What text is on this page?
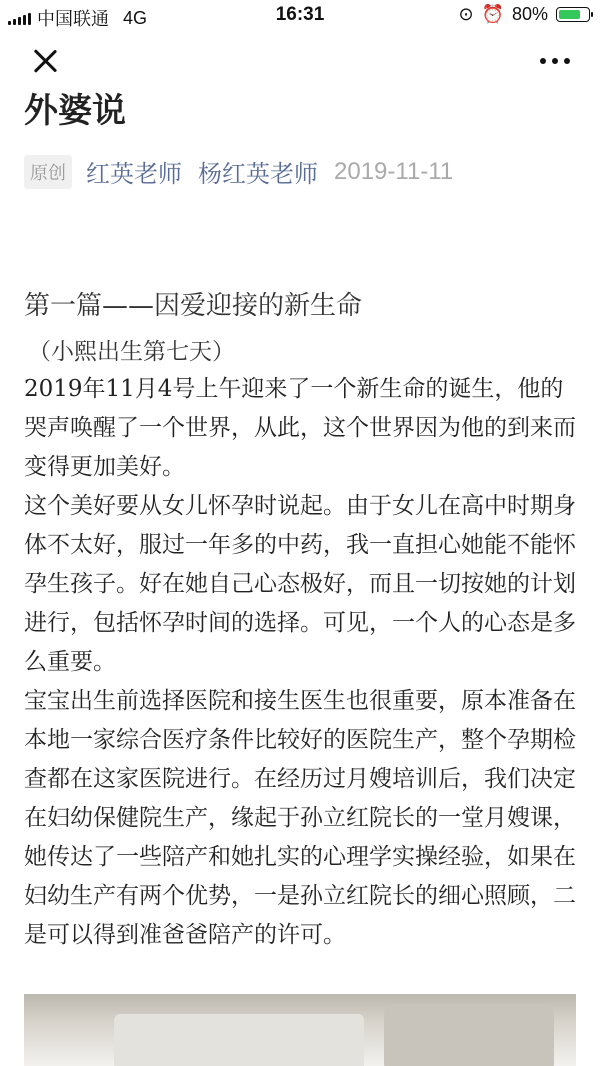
中国联通 4G	16:31	⊙ ⏰ 80%
外婆说
原创 红英老师 杨红英老师 2019-11-11
第一篇——因爱迎接的新生命
（小熙出生第七天）

2019年11月4号上午迎来了一个新生命的诞生，他的哭声唤醒了一个世界，从此，这个世界因为他的到来而变得更加美好。

这个美好要从女儿怀孕时说起。由于女儿在高中时期身体不太好，服过一年多的中药，我一直担心她能不能怀孕生孩子。好在她自己心态极好，而且一切按她的计划进行，包括怀孕时间的选择。可见，一个人的心态是多么重要。

宝宝出生前选择医院和接生医生也很重要，原本准备在本地一家综合医疗条件比较好的医院生产，整个孕期检查都在这家医院进行。在经历过月嫂培训后，我们决定在妇幼保健院生产，缘起于孙立红院长的一堂月嫂课，她传达了一些陪产和她扎实的心理学实操经验，如果在妇幼生产有两个优势，一是孙立红院长的细心照顾，二是可以得到准爸爸陪产的许可。
